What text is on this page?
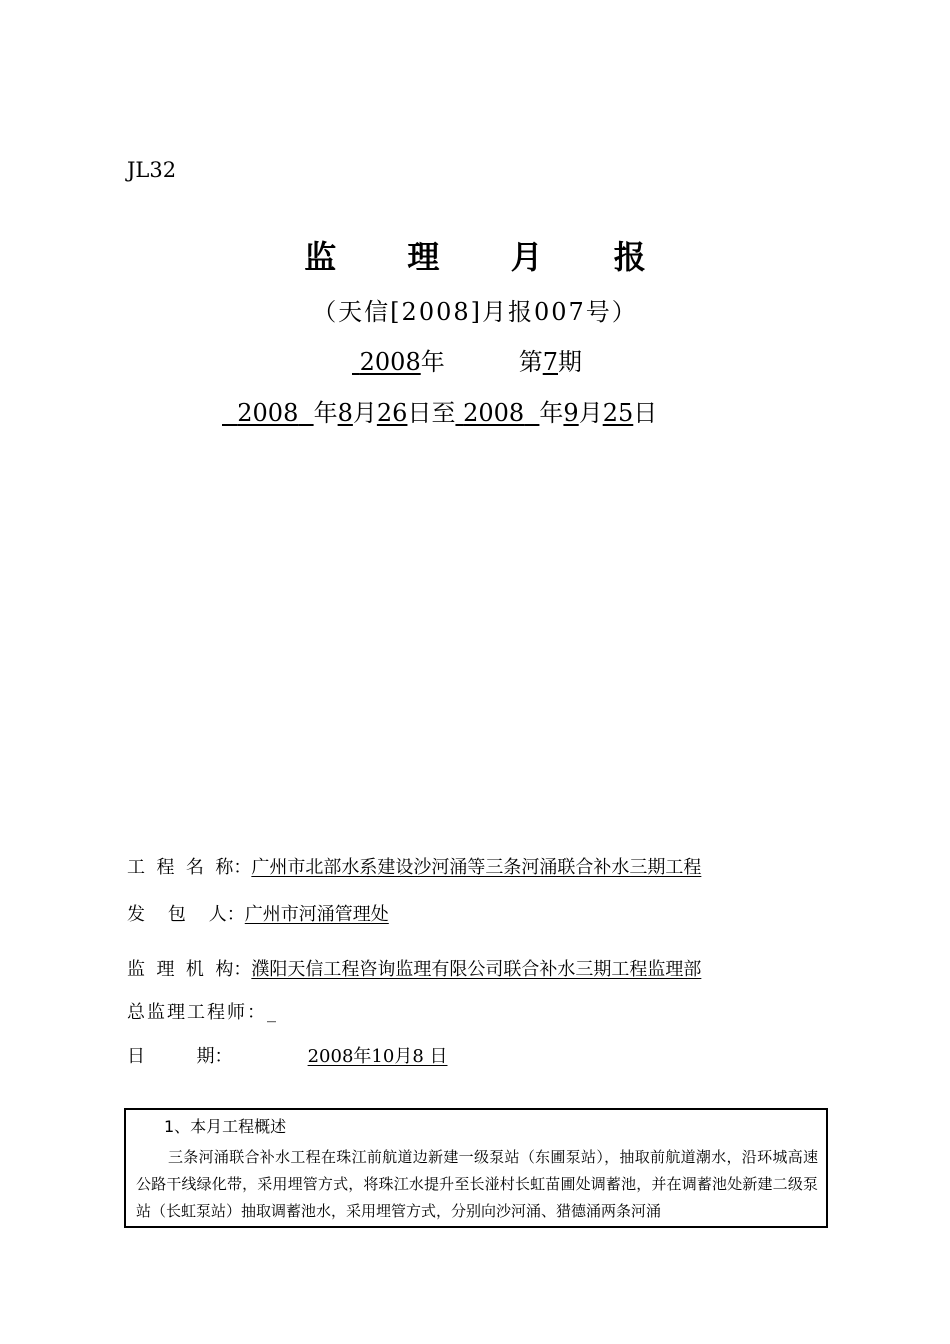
JL32
监 理 月 报
（天信[2008]月报007号）
2008年	第7期
2008 年8月26日至 2008 年9月25日
工  程  名  称：广州市北部水系建设沙河涌等三条河涌联合补水三期工程
发    包    人：广州市河涌管理处
监  理  机  构：濮阳天信工程咨询监理有限公司联合补水三期工程监理部
总监理工程师：_
日         期：	2008年10月8 日
1、本月工程概述
三条河涌联合补水工程在珠江前航道边新建一级泵站（东圃泵站），抽取前航道潮水，沿环城高速公路干线绿化带，采用埋管方式，将珠江水提升至长湴村长虹苗圃处调蓄池，并在调蓄池处新建二级泵站（长虹泵站）抽取调蓄池水，采用埋管方式，分别向沙河涌、猎德涌两条河涌
